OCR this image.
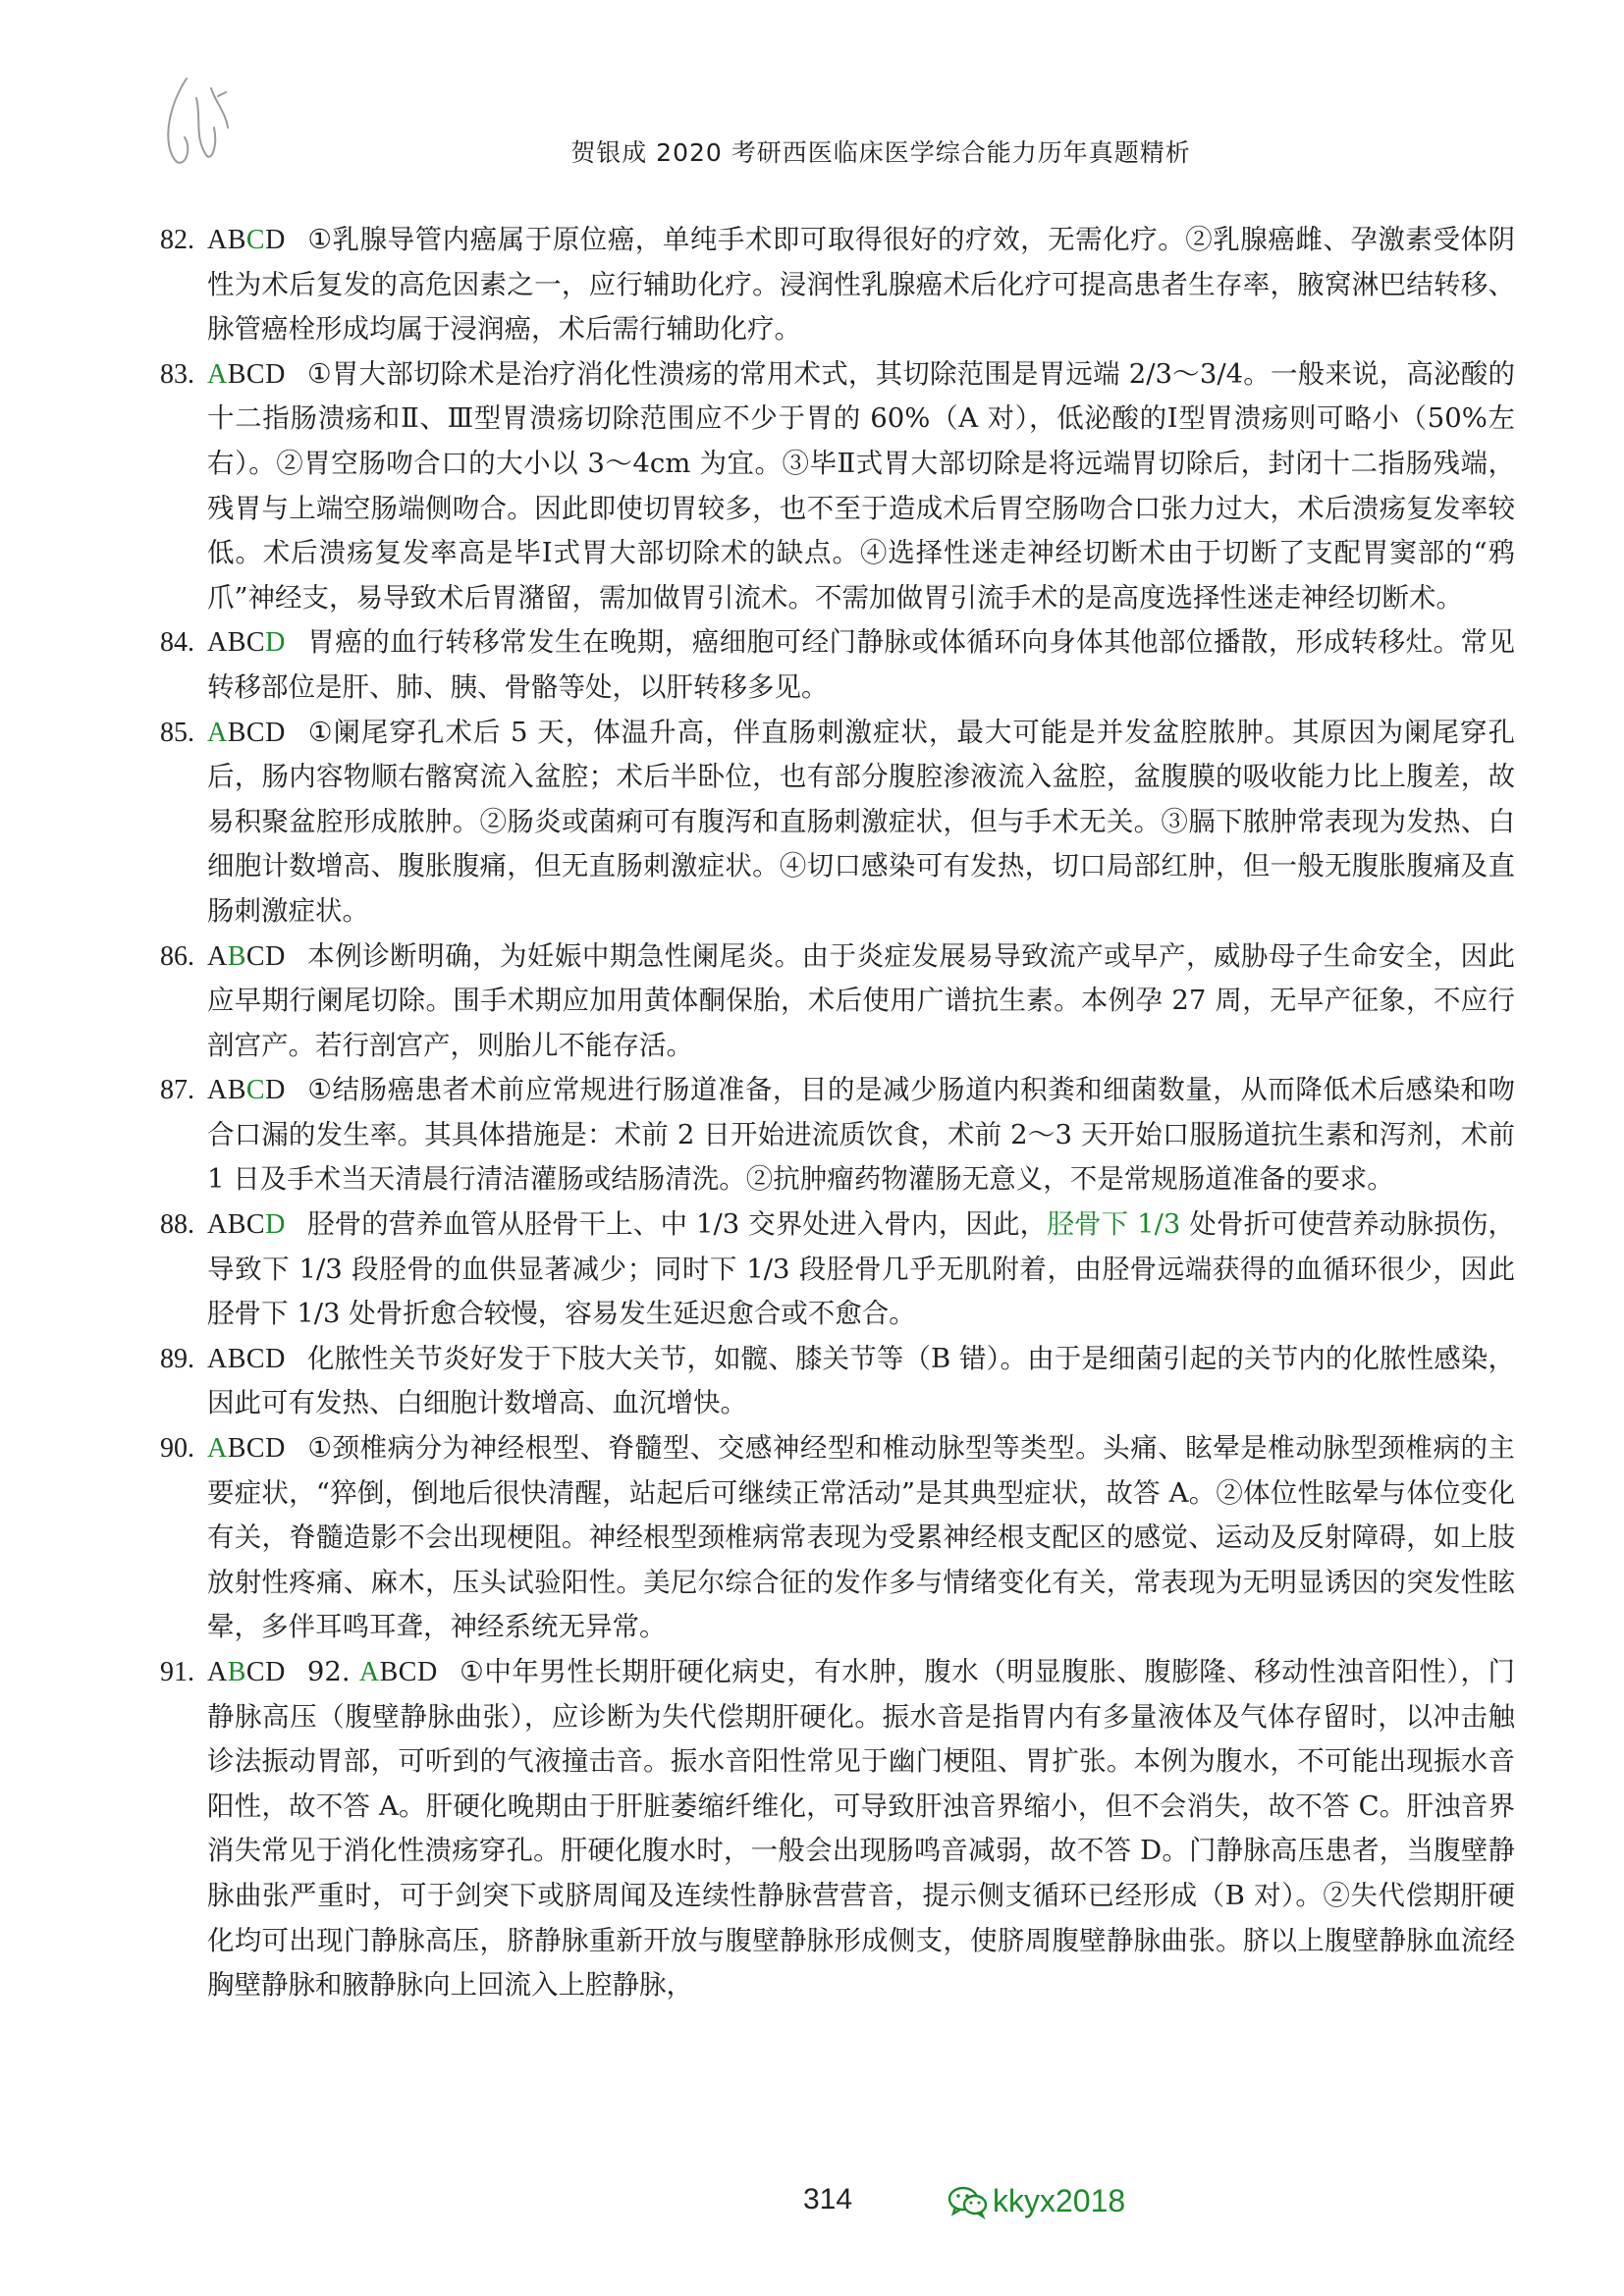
贺银成 2020 考研西医临床医学综合能力历年真题精析

82. ABCD ①乳腺导管内癌属于原位癌，单纯手术即可取得很好的疗效，无需化疗。②乳腺癌雌、孕激素受体阴性为术后复发的高危因素之一，应行辅助化疗。浸润性乳腺癌术后化疗可提高患者生存率，腋窝淋巴结转移、脉管癌栓形成均属于浸润癌，术后需行辅助化疗。

83. ABCD ①胃大部切除术是治疗消化性溃疡的常用术式，其切除范围是胃远端 2/3～3/4。一般来说，高泌酸的十二指肠溃疡和Ⅱ、Ⅲ型胃溃疡切除范围应不少于胃的 60%（A 对），低泌酸的Ⅰ型胃溃疡则可略小（50%左右）。②胃空肠吻合口的大小以 3～4cm 为宜。③毕Ⅱ式胃大部切除是将远端胃切除后，封闭十二指肠残端，残胃与上端空肠端侧吻合。因此即使切胃较多，也不至于造成术后胃空肠吻合口张力过大，术后溃疡复发率较低。术后溃疡复发率高是毕Ⅰ式胃大部切除术的缺点。④选择性迷走神经切断术由于切断了支配胃窦部的“鸦爪”神经支，易导致术后胃潴留，需加做胃引流术。不需加做胃引流手术的是高度选择性迷走神经切断术。

84. ABCD 胃癌的血行转移常发生在晚期，癌细胞可经门静脉或体循环向身体其他部位播散，形成转移灶。常见转移部位是肝、肺、胰、骨骼等处，以肝转移多见。

85. ABCD ①阑尾穿孔术后 5 天，体温升高，伴直肠刺激症状，最大可能是并发盆腔脓肿。其原因为阑尾穿孔后，肠内容物顺右髂窝流入盆腔；术后半卧位，也有部分腹腔渗液流入盆腔，盆腹膜的吸收能力比上腹差，故易积聚盆腔形成脓肿。②肠炎或菌痢可有腹泻和直肠刺激症状，但与手术无关。③膈下脓肿常表现为发热、白细胞计数增高、腹胀腹痛，但无直肠刺激症状。④切口感染可有发热，切口局部红肿，但一般无腹胀腹痛及直肠刺激症状。

86. ABCD 本例诊断明确，为妊娠中期急性阑尾炎。由于炎症发展易导致流产或早产，威胁母子生命安全，因此应早期行阑尾切除。围手术期应加用黄体酮保胎，术后使用广谱抗生素。本例孕 27 周，无早产征象，不应行剖宫产。若行剖宫产，则胎儿不能存活。

87. ABCD ①结肠癌患者术前应常规进行肠道准备，目的是减少肠道内积粪和细菌数量，从而降低术后感染和吻合口漏的发生率。其具体措施是：术前 2 日开始进流质饮食，术前 2～3 天开始口服肠道抗生素和泻剂，术前 1 日及手术当天清晨行清洁灌肠或结肠清洗。②抗肿瘤药物灌肠无意义，不是常规肠道准备的要求。

88. ABCD 胫骨的营养血管从胫骨干上、中 1/3 交界处进入骨内，因此，胫骨下 1/3 处骨折可使营养动脉损伤，导致下 1/3 段胫骨的血供显著减少；同时下 1/3 段胫骨几乎无肌附着，由胫骨远端获得的血循环很少，因此胫骨下 1/3 处骨折愈合较慢，容易发生延迟愈合或不愈合。

89. ABCD 化脓性关节炎好发于下肢大关节，如髋、膝关节等（B 错）。由于是细菌引起的关节内的化脓性感染，因此可有发热、白细胞计数增高、血沉增快。

90. ABCD ①颈椎病分为神经根型、脊髓型、交感神经型和椎动脉型等类型。头痛、眩晕是椎动脉型颈椎病的主要症状，“猝倒，倒地后很快清醒，站起后可继续正常活动”是其典型症状，故答 A。②体位性眩晕与体位变化有关，脊髓造影不会出现梗阻。神经根型颈椎病常表现为受累神经根支配区的感觉、运动及反射障碍，如上肢放射性疼痛、麻木，压头试验阳性。美尼尔综合征的发作多与情绪变化有关，常表现为无明显诱因的突发性眩晕，多伴耳鸣耳聋，神经系统无异常。

91. ABCD 92. ABCD ①中年男性长期肝硬化病史，有水肿，腹水（明显腹胀、腹膨隆、移动性浊音阳性），门静脉高压（腹壁静脉曲张），应诊断为失代偿期肝硬化。振水音是指胃内有多量液体及气体存留时，以冲击触诊法振动胃部，可听到的气液撞击音。振水音阳性常见于幽门梗阻、胃扩张。本例为腹水，不可能出现振水音阳性，故不答 A。肝硬化晚期由于肝脏萎缩纤维化，可导致肝浊音界缩小，但不会消失，故不答 C。肝浊音界消失常见于消化性溃疡穿孔。肝硬化腹水时，一般会出现肠鸣音减弱，故不答 D。门静脉高压患者，当腹壁静脉曲张严重时，可于剑突下或脐周闻及连续性静脉营营音，提示侧支循环已经形成（B 对）。②失代偿期肝硬化均可出现门静脉高压，脐静脉重新开放与腹壁静脉形成侧支，使脐周腹壁静脉曲张。脐以上腹壁静脉血流经胸壁静脉和腋静脉向上回流入上腔静脉，

314	kkyx2018
